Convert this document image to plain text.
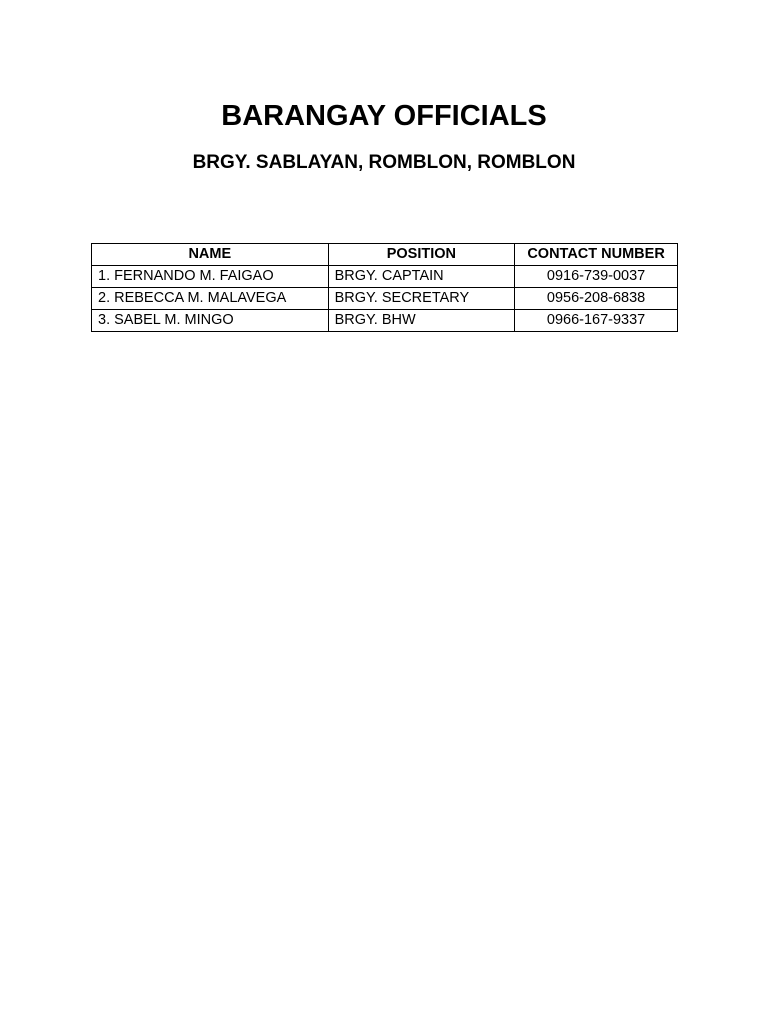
BARANGAY OFFICIALS
BRGY. SABLAYAN, ROMBLON, ROMBLON
NAME	POSITION	CONTACT NUMBER
1. FERNANDO M. FAIGAO	BRGY. CAPTAIN	0916-739-0037
2. REBECCA M. MALAVEGA	BRGY. SECRETARY	0956-208-6838
3. SABEL M. MINGO	BRGY. BHW	0966-167-9337
